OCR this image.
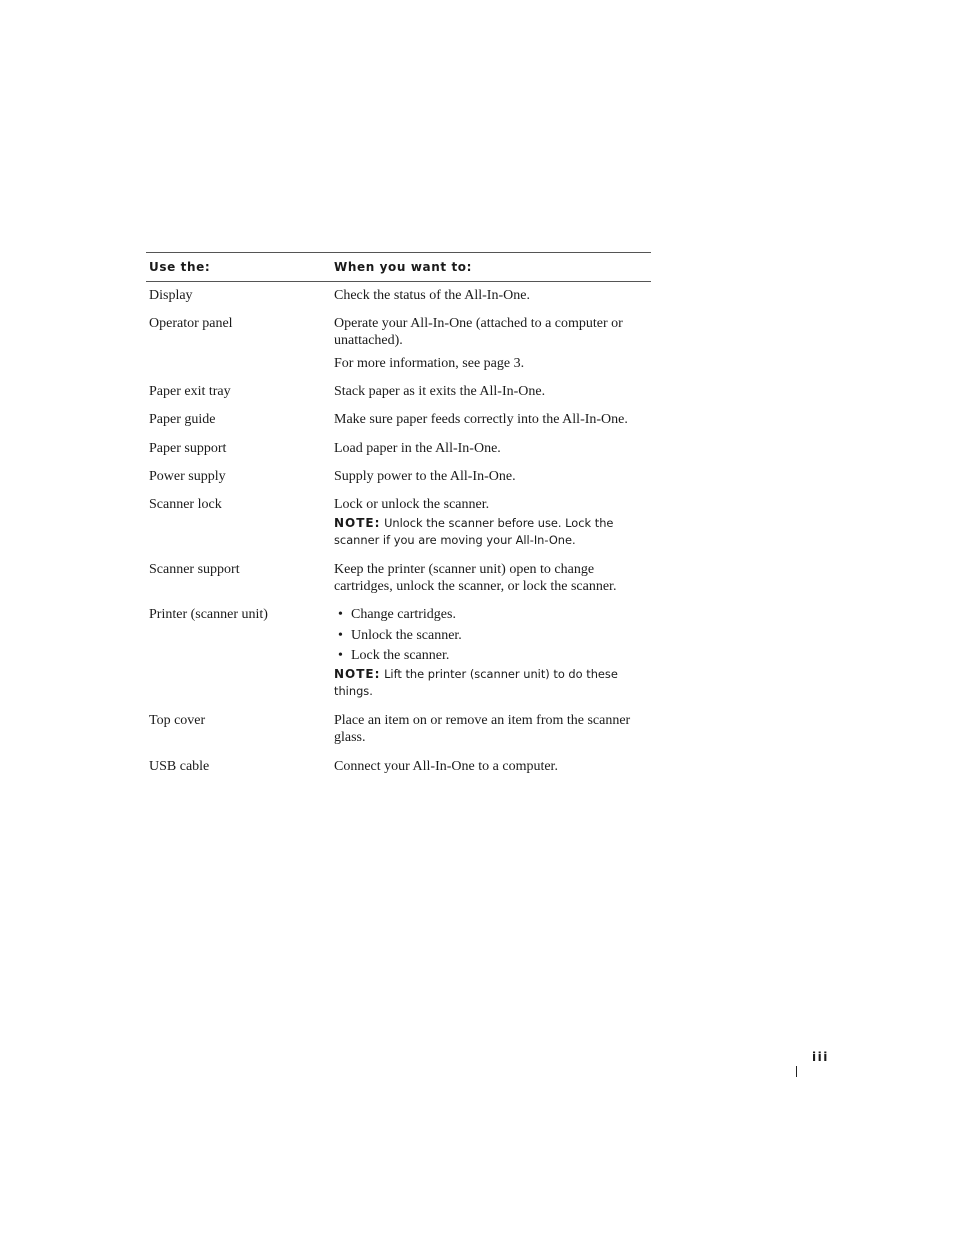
Use the:	When you want to:
Display	Check the status of the All-In-One.

Operator panel	Operate your All-In-One (attached to a computer or unattached).

For more information, see page 3.

Paper exit tray	Stack paper as it exits the All-In-One.

Paper guide	Make sure paper feeds correctly into the All-In-One.

Paper support	Load paper in the All-In-One.

Power supply	Supply power to the All-In-One.

Scanner lock	Lock or unlock the scanner.

NOTE: Unlock the scanner before use. Lock the scanner if you are moving your All-In-One.
Scanner support	Keep the printer (scanner unit) open to change cartridges, unlock the scanner, or lock the scanner.

Printer (scanner unit)	• Change cartridges.
• Unlock the scanner.
• Lock the scanner.
NOTE: Lift the printer (scanner unit) to do these things.
Top cover	Place an item on or remove an item from the scanner glass.

USB cable	Connect your All-In-One to a computer.

iii
